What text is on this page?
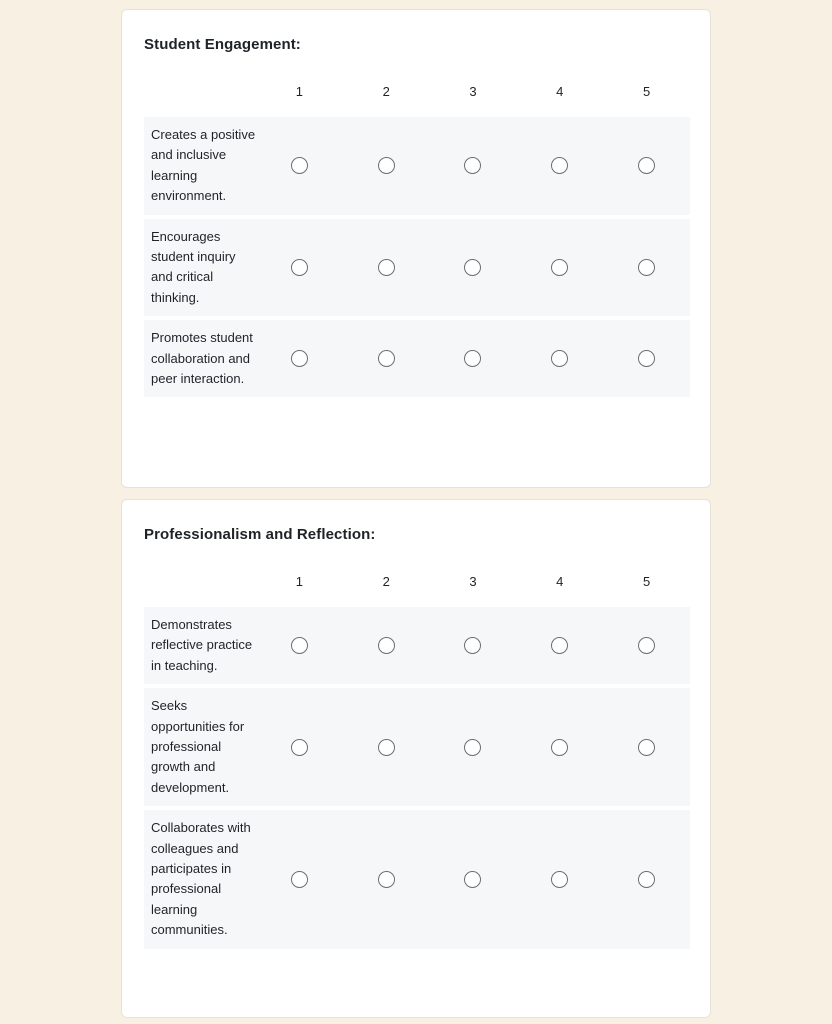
Student Engagement:
1	2	3	4	5
Creates a positive and inclusive learning environment.
Encourages student inquiry and critical thinking.
Promotes student collaboration and peer interaction.
Professionalism and Reflection:
1	2	3	4	5
Demonstrates reflective practice in teaching.
Seeks opportunities for professional growth and development.
Collaborates with colleagues and participates in professional learning communities.
